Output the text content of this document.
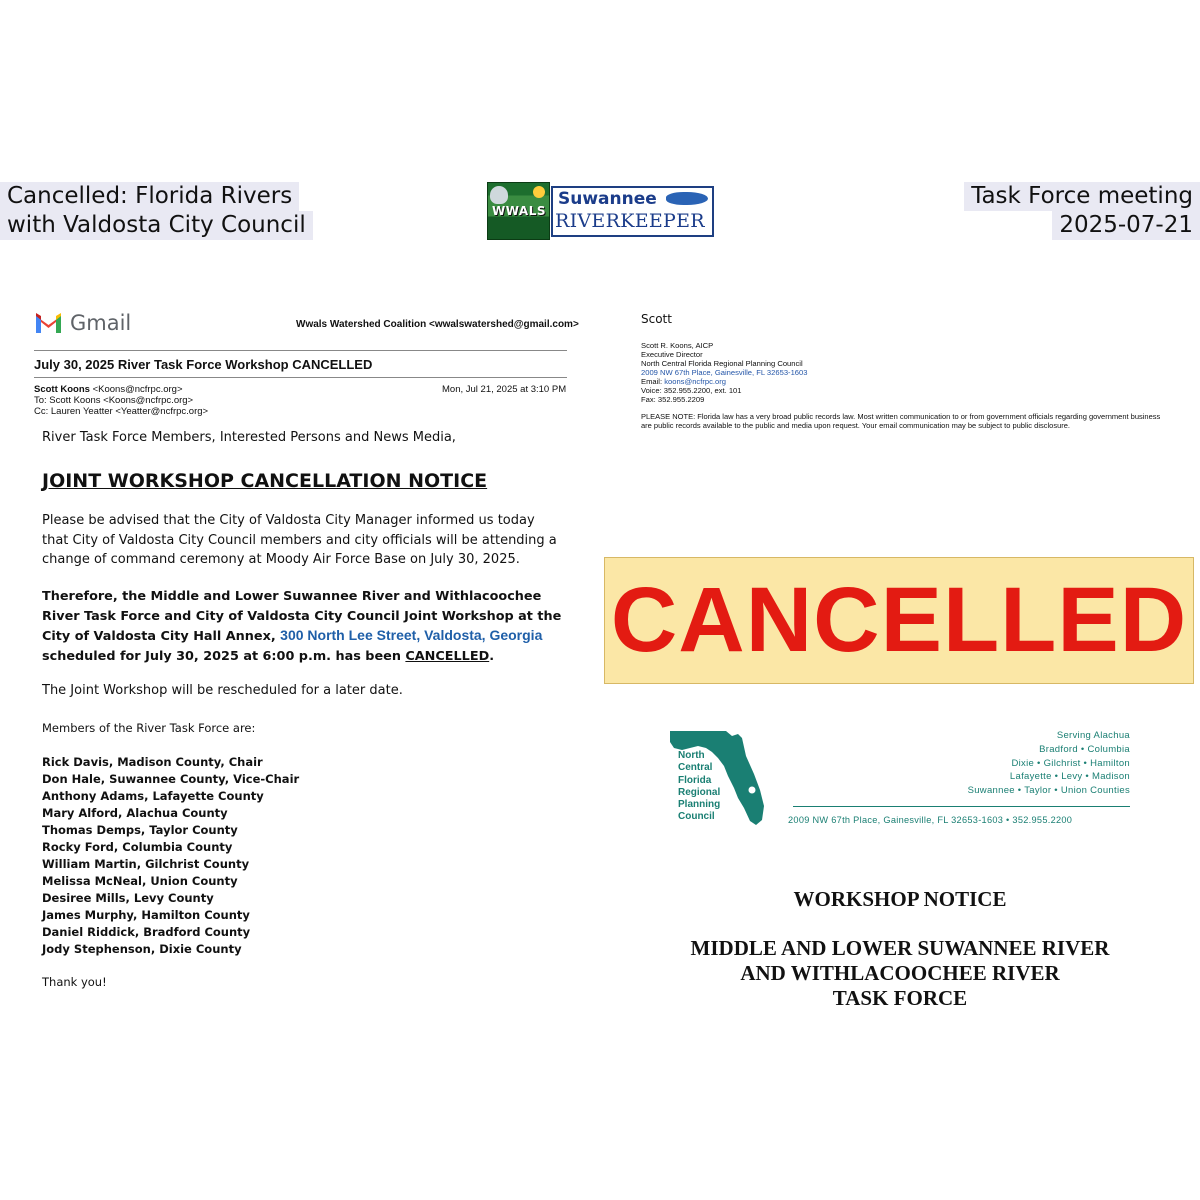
Cancelled: Florida Rivers
with Valdosta City Council
Task Force meeting
2025-07-21
WWALS
Suwannee
RIVERKEEPER
Gmail	Wwals Watershed Coalition <wwalswatershed@gmail.com>
July 30, 2025 River Task Force Workshop CANCELLED
Scott Koons <Koons@ncfrpc.org>
To: Scott Koons <Koons@ncfrpc.org>
Cc: Lauren Yeatter <Yeatter@ncfrpc.org>
Mon, Jul 21, 2025 at 3:10 PM
River Task Force Members, Interested Persons and News Media,
JOINT WORKSHOP CANCELLATION NOTICE
Please be advised that the City of Valdosta City Manager informed us today that City of Valdosta City Council members and city officials will be attending a change of command ceremony at Moody Air Force Base on July 30, 2025.
Therefore, the Middle and Lower Suwannee River and Withlacoochee River Task Force and City of Valdosta City Council Joint Workshop at the City of Valdosta City Hall Annex, 300 North Lee Street, Valdosta, Georgia scheduled for July 30, 2025 at 6:00 p.m. has been CANCELLED.
The Joint Workshop will be rescheduled for a later date.
Members of the River Task Force are:
Rick Davis, Madison County, Chair
Don Hale, Suwannee County, Vice-Chair
Anthony Adams, Lafayette County
Mary Alford, Alachua County
Thomas Demps, Taylor County
Rocky Ford, Columbia County
William Martin, Gilchrist County
Melissa McNeal, Union County
Desiree Mills, Levy County
James Murphy, Hamilton County
Daniel Riddick, Bradford County
Jody Stephenson, Dixie County
Thank you!
Scott
Scott R. Koons, AICP
Executive Director
North Central Florida Regional Planning Council
2009 NW 67th Place, Gainesville, FL 32653-1603
Email: koons@ncfrpc.org
Voice: 352.955.2200, ext. 101
Fax: 352.955.2209
PLEASE NOTE: Florida law has a very broad public records law. Most written communication to or from government officials regarding government business are public records available to the public and media upon request. Your email communication may be subject to public disclosure.
CANCELLED
North
Central
Florida
Regional
Planning
Council
Serving Alachua
Bradford • Columbia
Dixie • Gilchrist • Hamilton
Lafayette • Levy • Madison
Suwannee • Taylor • Union Counties
2009 NW 67th Place, Gainesville, FL 32653-1603 • 352.955.2200
WORKSHOP NOTICE
MIDDLE AND LOWER SUWANNEE RIVER
AND WITHLACOOCHEE RIVER
TASK FORCE
